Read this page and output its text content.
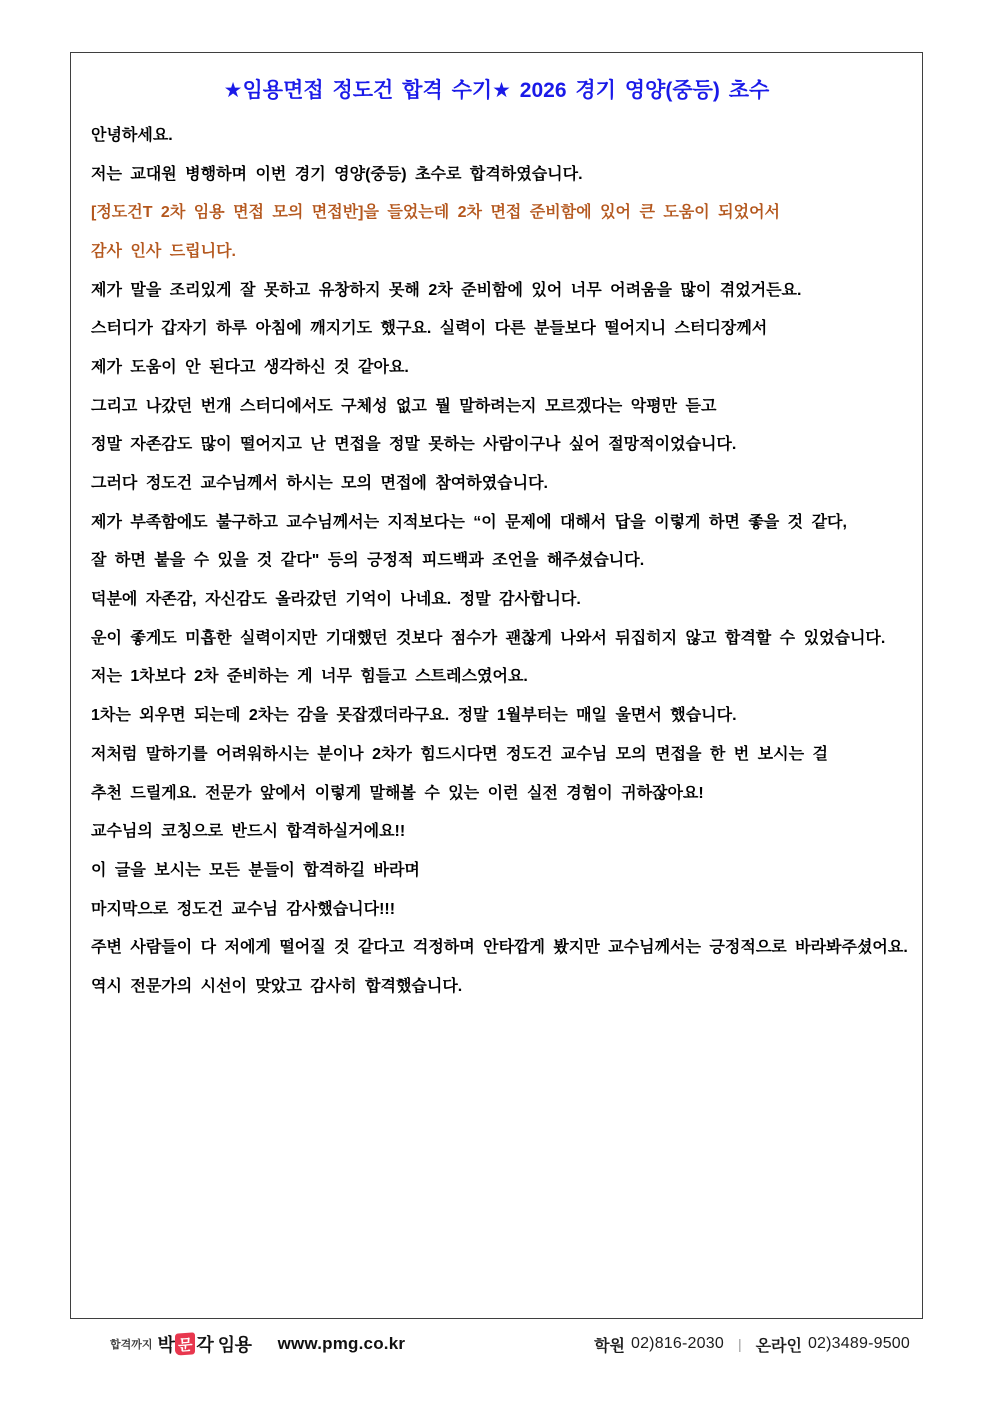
★임용면접 정도건 합격 수기★ 2026 경기 영양(중등) 초수
안녕하세요.
저는 교대원 병행하며 이번 경기 영양(중등) 초수로 합격하였습니다.
[정도건T 2차 임용 면접 모의 면접반]을 들었는데 2차 면접 준비함에 있어 큰 도움이 되었어서
감사 인사 드립니다.
제가 말을 조리있게 잘 못하고 유창하지 못해 2차 준비함에 있어 너무 어려움을 많이 겪었거든요.
스터디가 갑자기 하루 아침에 깨지기도 했구요. 실력이 다른 분들보다 떨어지니 스터디장께서
제가 도움이 안 된다고 생각하신 것 같아요.
그리고 나갔던 번개 스터디에서도 구체성 없고 뭘 말하려는지 모르겠다는 악평만 듣고
정말 자존감도 많이 떨어지고 난 면접을 정말 못하는 사람이구나 싶어 절망적이었습니다.
그러다 정도건 교수님께서 하시는 모의 면접에 참여하였습니다.
제가 부족함에도 불구하고 교수님께서는 지적보다는 “이 문제에 대해서 답을 이렇게 하면 좋을 것 같다,
잘 하면 붙을 수 있을 것 같다" 등의 긍정적 피드백과 조언을 해주셨습니다.
덕분에 자존감, 자신감도 올라갔던 기억이 나네요. 정말 감사합니다.
운이 좋게도 미흡한 실력이지만 기대했던 것보다 점수가 괜찮게 나와서 뒤집히지 않고 합격할 수 있었습니다.
저는 1차보다 2차 준비하는 게 너무 힘들고 스트레스였어요.
1차는 외우면 되는데 2차는 감을 못잡겠더라구요. 정말 1월부터는 매일 울면서 했습니다.
저처럼 말하기를 어려워하시는 분이나 2차가 힘드시다면 정도건 교수님 모의 면접을 한 번 보시는 걸
추천 드릴게요. 전문가 앞에서 이렇게 말해볼 수 있는 이런 실전 경험이 귀하잖아요!
교수님의 코칭으로 반드시 합격하실거에요!!
이 글을 보시는 모든 분들이 합격하길 바라며
마지막으로 정도건 교수님 감사했습니다!!!
주변 사람들이 다 저에게 떨어질 것 같다고 걱정하며 안타깝게 봤지만 교수님께서는 긍정적으로 바라봐주셨어요.
역시 전문가의 시선이 맞았고 감사히 합격했습니다.
합격까지 박 문 각 임용 www.pmg.co.kr	학원 02)816-2030 | 온라인 02)3489-9500
